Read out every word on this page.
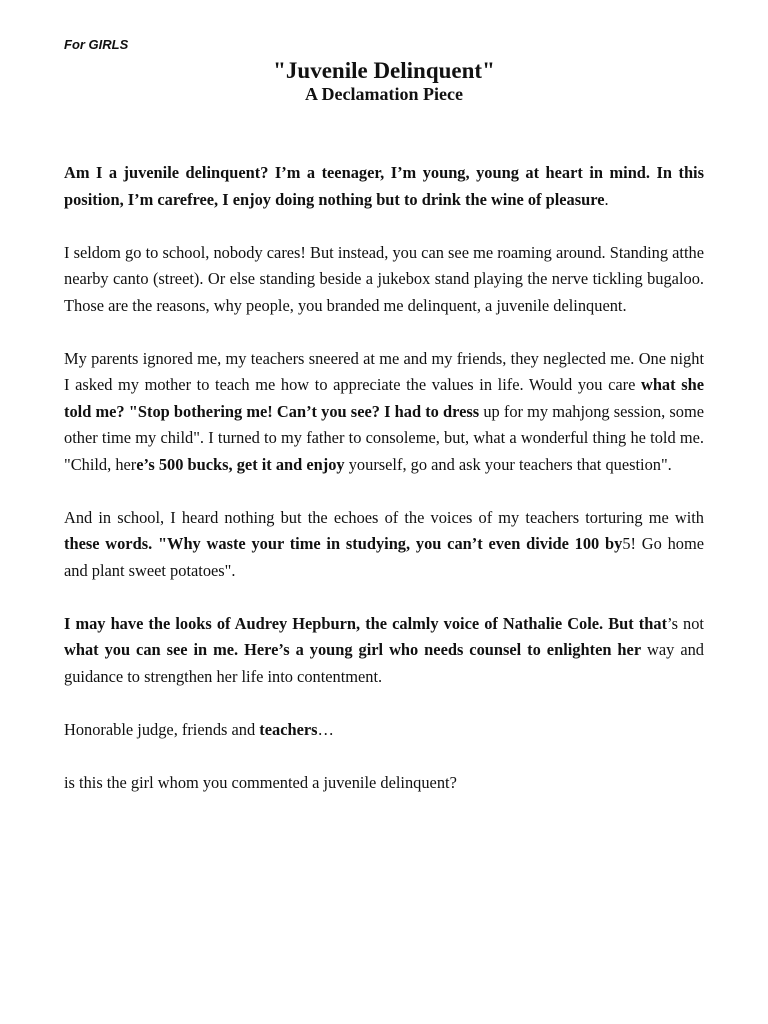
For GIRLS
"Juvenile Delinquent"
A Declamation Piece

Am I a juvenile delinquent? I’m a teenager, I’m young, young at heart in mind. In this position, I’m carefree, I enjoy doing nothing but to drink the wine of pleasure.

I seldom go to school, nobody cares! But instead, you can see me roaming around. Standing atthe nearby canto (street). Or else standing beside a jukebox stand playing the nerve tickling bugaloo. Those are the reasons, why people, you branded me delinquent, a juvenile delinquent.

My parents ignored me, my teachers sneered at me and my friends, they neglected me. One night I asked my mother to teach me how to appreciate the values in life. Would you care what she told me? "Stop bothering me! Can’t you see? I had to dress up for my mahjong session, some other time my child". I turned to my father to consoleme, but, what a wonderful thing he told me. "Child, here’s 500 bucks, get it and enjoy yourself, go and ask your teachers that question".

And in school, I heard nothing but the echoes of the voices of my teachers torturing me with these words. "Why waste your time in studying, you can’t even divide 100 by5! Go home and plant sweet potatoes".

I may have the looks of Audrey Hepburn, the calmly voice of Nathalie Cole. But that’s not what you can see in me. Here’s a young girl who needs counsel to enlighten her way and guidance to strengthen her life into contentment.

Honorable judge, friends and teachers…

is this the girl whom you commented a juvenile delinquent?
